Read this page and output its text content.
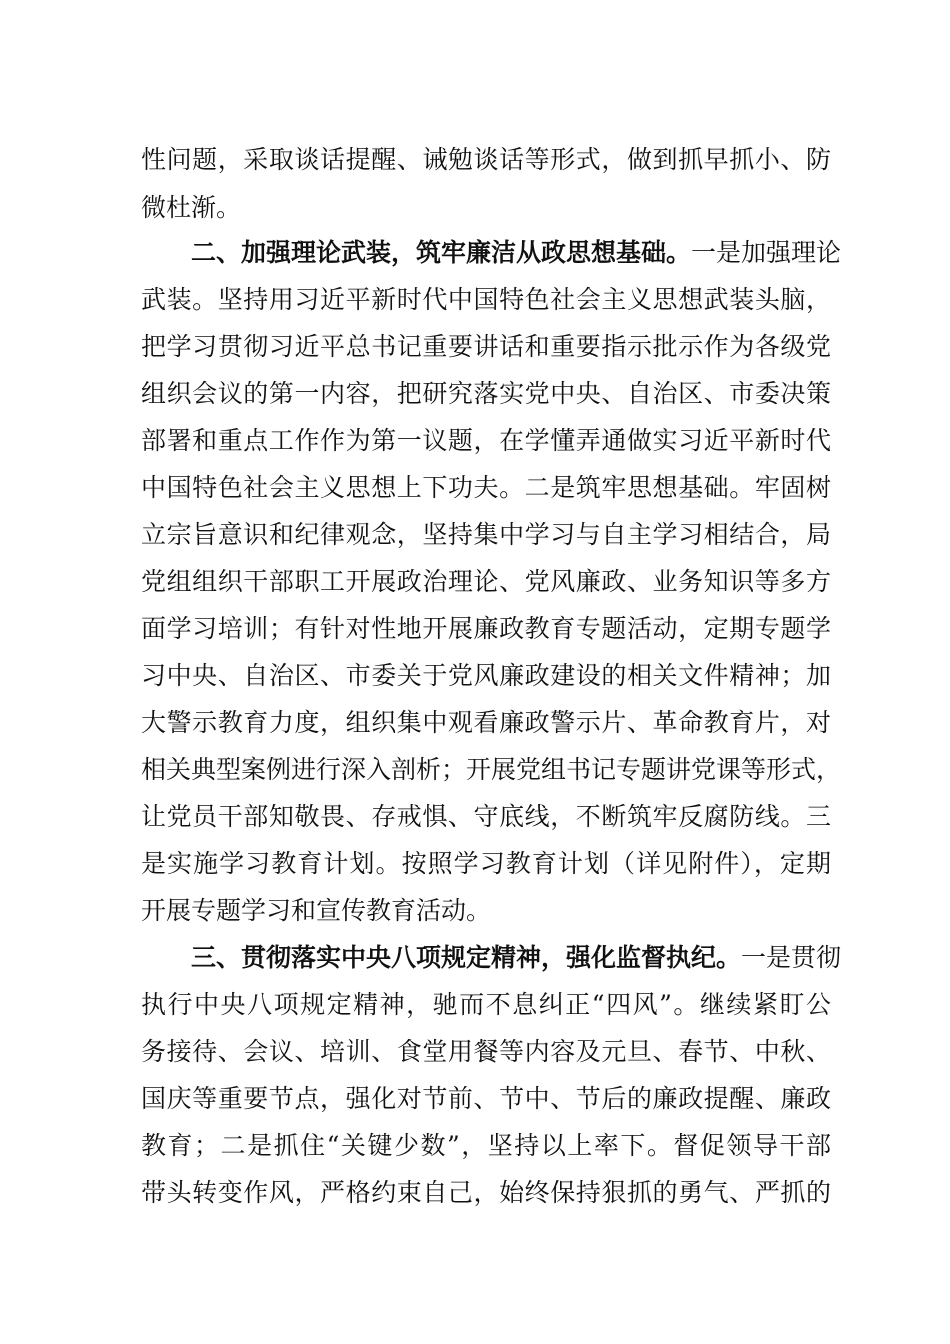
性问题，采取谈话提醒、诫勉谈话等形式，做到抓早抓小、防
微杜渐。
二、加强理论武装，筑牢廉洁从政思想基础。一是加强理论
武装。坚持用习近平新时代中国特色社会主义思想武装头脑，
把学习贯彻习近平总书记重要讲话和重要指示批示作为各级党
组织会议的第一内容，把研究落实党中央、自治区、市委决策
部署和重点工作作为第一议题，在学懂弄通做实习近平新时代
中国特色社会主义思想上下功夫。二是筑牢思想基础。牢固树
立宗旨意识和纪律观念，坚持集中学习与自主学习相结合，局
党组组织干部职工开展政治理论、党风廉政、业务知识等多方
面学习培训；有针对性地开展廉政教育专题活动，定期专题学
习中央、自治区、市委关于党风廉政建设的相关文件精神；加
大警示教育力度，组织集中观看廉政警示片、革命教育片，对
相关典型案例进行深入剖析；开展党组书记专题讲党课等形式，
让党员干部知敬畏、存戒惧、守底线，不断筑牢反腐防线。三
是实施学习教育计划。按照学习教育计划（详见附件），定期
开展专题学习和宣传教育活动。
三、贯彻落实中央八项规定精神，强化监督执纪。一是贯彻
执行中央八项规定精神，驰而不息纠正“四风”。继续紧盯公
务接待、会议、培训、食堂用餐等内容及元旦、春节、中秋、
国庆等重要节点，强化对节前、节中、节后的廉政提醒、廉政
教育；二是抓住“关键少数”，坚持以上率下。督促领导干部
带头转变作风，严格约束自己，始终保持狠抓的勇气、严抓的
